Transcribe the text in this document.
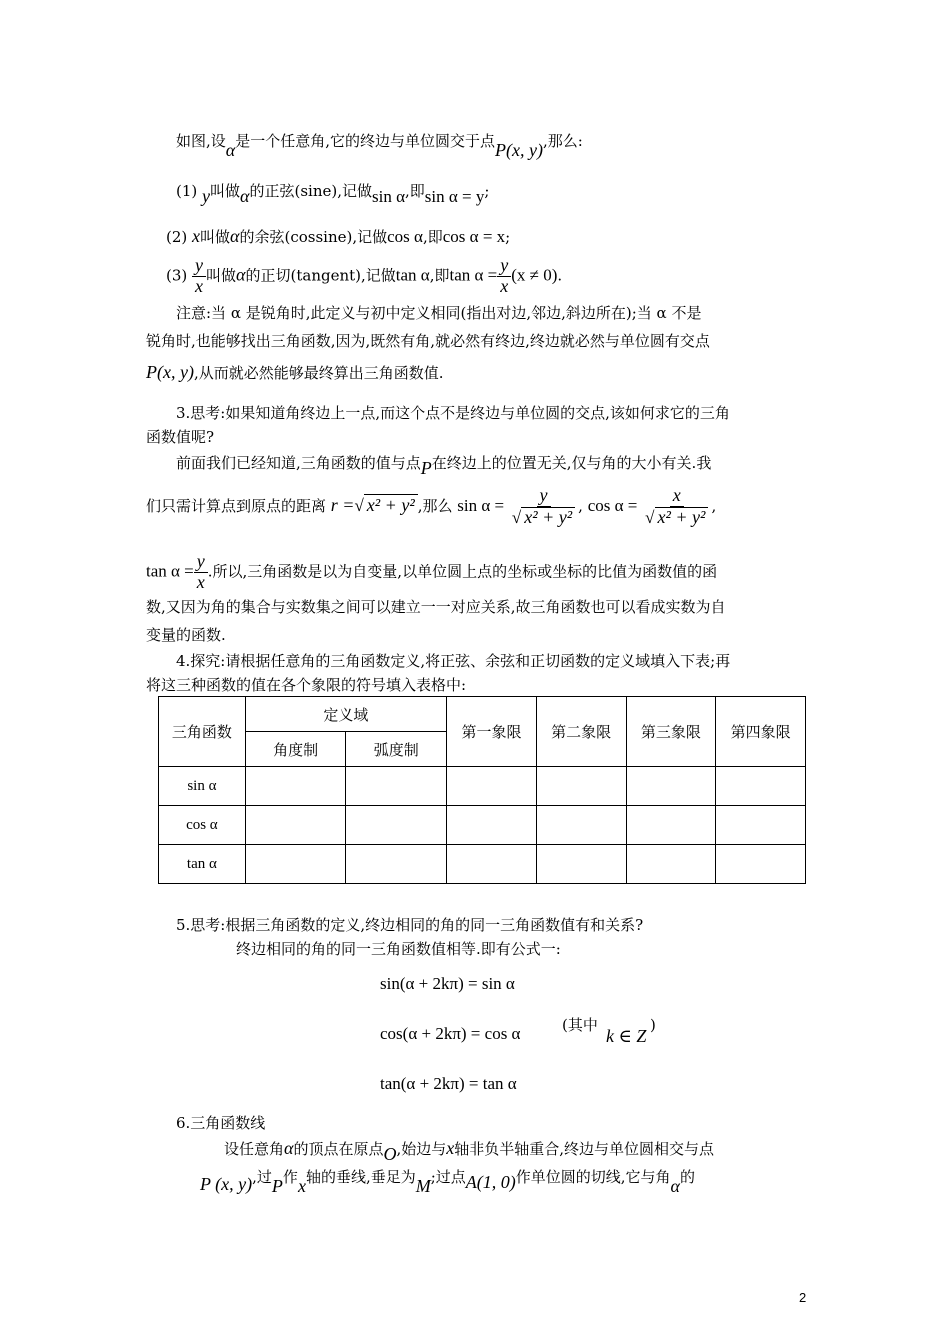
如图,设α是一个任意角,它的终边与单位圆交于点P(x, y),那么:
(1) y叫做α的正弦(sine),记做sin α,即sin α = y;
(2) x叫做α的余弦(cossine),记做cos α,即cos α = x;
$(3) \frac{y}{x}$ 叫做α的正切(tangent),记做tan α,即$\tan \alpha = \frac{y}{x} (x \ne 0)$.
注意:当 α 是锐角时,此定义与初中定义相同(指出对边,邻边,斜边所在);当 α 不是
锐角时,也能够找出三角函数,因为,既然有角,就必然有终边,终边就必然与单位圆有交点
P(x, y),从而就必然能够最终算出三角函数值.
3.思考:如果知道角终边上一点,而这个点不是终边与单位圆的交点,该如何求它的三角
函数值呢?
前面我们已经知道,三角函数的值与点P在终边上的位置无关,仅与角的大小有关.我
们只需计算点到原点的距离 r =√ x² + y² ,那么 $\sin \alpha = \frac{y}{\text{√ x² + y²}}$ , $\cos \alpha = \frac{x}{\text{√ x² + y²}}$ ,
$\tan \alpha = \frac{y}{x}$ .所以,三角函数是以为自变量,以单位圆上点的坐标或坐标的比值为函数值的函
数,又因为角的集合与实数集之间可以建立一一对应关系,故三角函数也可以看成实数为自
变量的函数.
4.探究:请根据任意角的三角函数定义,将正弦、余弦和正切函数的定义域填入下表;再
将这三种函数的值在各个象限的符号填入表格中:
三角函数	定义域		第一象限	第二象限	第三象限	第四象限
	角度制	弧度制				
sin α						
cos α						
tan α						
5.思考:根据三角函数的定义,终边相同的角的同一三角函数值有和关系?
终边相同的角的同一三角函数值相等.即有公式一:
sin(α + 2kπ) = sin α
cos(α + 2kπ) = cos α	(其中
k ∈ Z
)
tan(α + 2kπ) = tan α
6.三角函数线
设任意角α的顶点在原点O,始边与x轴非负半轴重合,终边与单位圆相交与点
P (x, y),过P作x轴的垂线,垂足为M;过点A(1, 0)作单位圆的切线,它与角α的
2
